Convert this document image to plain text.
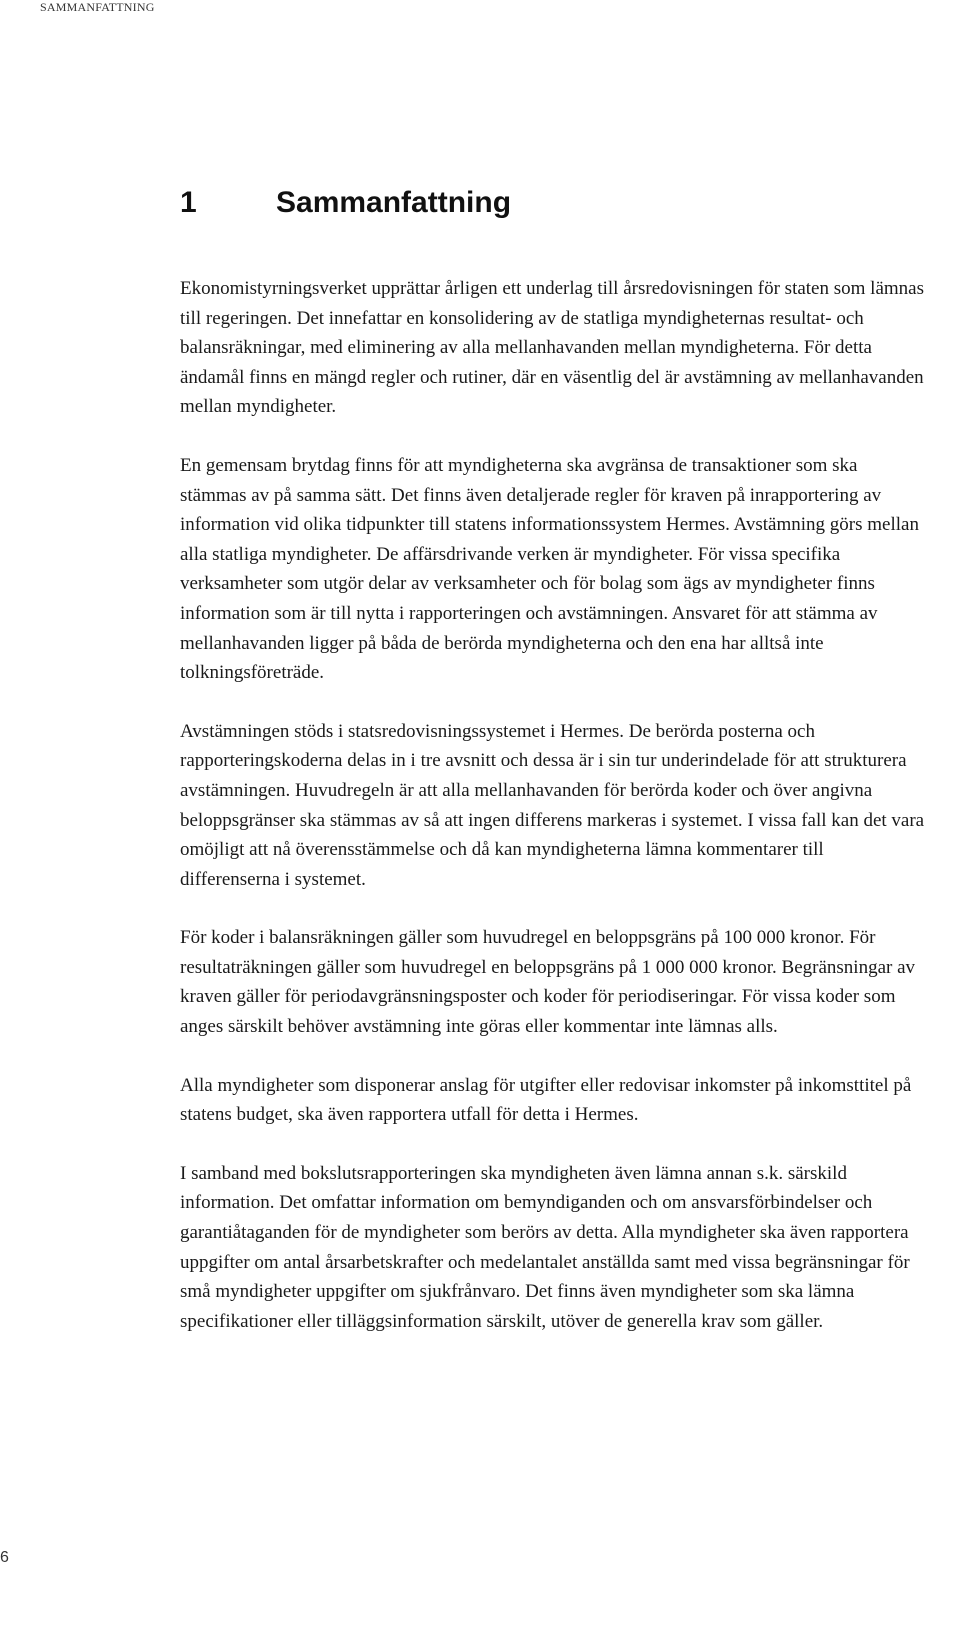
SAMMANFATTNING
1	Sammanfattning

Ekonomistyrningsverket upprättar årligen ett underlag till årsredovisningen för staten som lämnas till regeringen. Det innefattar en konsolidering av de statliga myndigheternas resultat- och balansräkningar, med eliminering av alla mellanhavanden mellan myndigheterna. För detta ändamål finns en mängd regler och rutiner, där en väsentlig del är avstämning av mellanhavanden mellan myndigheter.

En gemensam brytdag finns för att myndigheterna ska avgränsa de transaktioner som ska stämmas av på samma sätt. Det finns även detaljerade regler för kraven på inrapportering av information vid olika tidpunkter till statens informationssystem Hermes. Avstämning görs mellan alla statliga myndigheter. De affärsdrivande verken är myndigheter. För vissa specifika verksamheter som utgör delar av verksamheter och för bolag som ägs av myndigheter finns information som är till nytta i rapporteringen och avstämningen. Ansvaret för att stämma av mellanhavanden ligger på båda de berörda myndigheterna och den ena har alltså inte tolkningsföreträde.

Avstämningen stöds i statsredovisningssystemet i Hermes. De berörda posterna och rapporteringskoderna delas in i tre avsnitt och dessa är i sin tur underindelade för att strukturera avstämningen. Huvudregeln är att alla mellanhavanden för berörda koder och över angivna beloppsgränser ska stämmas av så att ingen differens markeras i systemet. I vissa fall kan det vara omöjligt att nå överensstämmelse och då kan myndigheterna lämna kommentarer till differenserna i systemet.

För koder i balansräkningen gäller som huvudregel en beloppsgräns på 100 000 kronor. För resultaträkningen gäller som huvudregel en beloppsgräns på 1 000 000 kronor. Begränsningar av kraven gäller för periodavgränsningsposter och koder för periodiseringar. För vissa koder som anges särskilt behöver avstämning inte göras eller kommentar inte lämnas alls.

Alla myndigheter som disponerar anslag för utgifter eller redovisar inkomster på inkomsttitel på statens budget, ska även rapportera utfall för detta i Hermes.

I samband med bokslutsrapporteringen ska myndigheten även lämna annan s.k. särskild information. Det omfattar information om bemyndiganden och om ansvarsförbindelser och garantiåtaganden för de myndigheter som berörs av detta. Alla myndigheter ska även rapportera uppgifter om antal årsarbetskrafter och medelantalet anställda samt med vissa begränsningar för små myndigheter uppgifter om sjukfrånvaro. Det finns även myndigheter som ska lämna specifikationer eller tilläggsinformation särskilt, utöver de generella krav som gäller.

6
